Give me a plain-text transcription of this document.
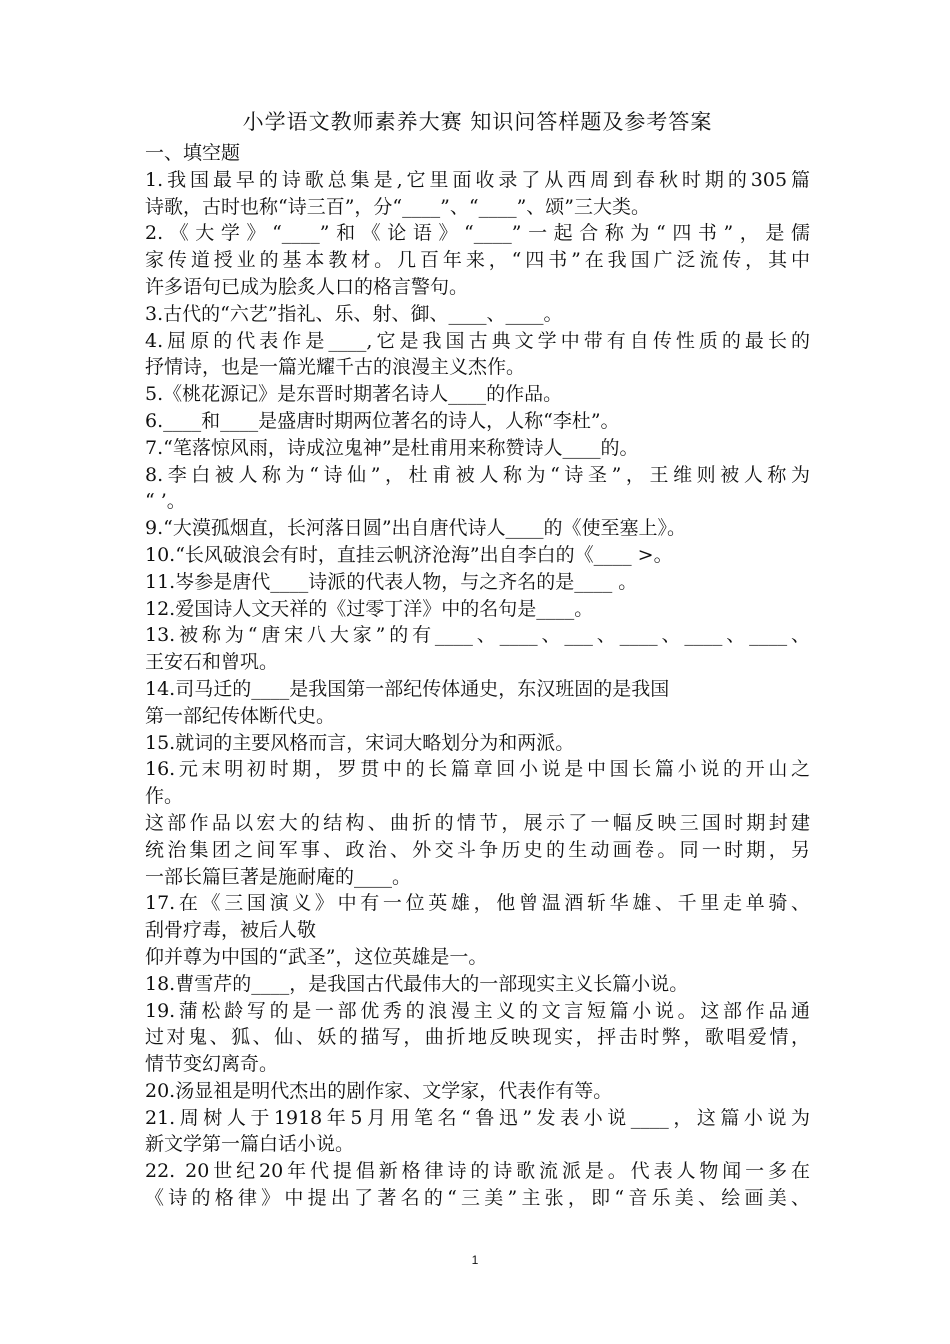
小学语文教师素养大赛 知识问答样题及参考答案
一、填空题
1.我国最早的诗歌总集是,它里面收录了从西周到春秋时期的305篇
诗歌，古时也称“诗三百”，分“____”、“____”、颂”三大类。
2.《大学》“____”和《论语》“____”一起合称为“四书”，是儒
家传道授业的基本教材。几百年来，“四书”在我国广泛流传，其中
许多语句已成为脍炙人口的格言警句。
3.古代的“六艺”指礼、乐、射、御、____、____。
4.屈原的代表作是____,它是我国古典文学中带有自传性质的最长的
抒情诗，也是一篇光耀千古的浪漫主义杰作。
5.《桃花源记》是东晋时期著名诗人____的作品。
6.____和____是盛唐时期两位著名的诗人，人称“李杜”。
7.“笔落惊风雨，诗成泣鬼神”是杜甫用来称赞诗人____的。
8.李白被人称为“诗仙”，杜甫被人称为“诗圣”，王维则被人称为
“ ’。
9.“大漠孤烟直，长河落日圆”出自唐代诗人____的《使至塞上》。
10.“长风破浪会有时，直挂云帆济沧海”出自李白的《____ >。
11.岑参是唐代____诗派的代表人物，与之齐名的是____ 。
12.爱国诗人文天祥的《过零丁洋》中的名句是____。
13.被称为“唐宋八大家”的有____、____、___、____、____、____、
王安石和曾巩。
14.司马迁的____是我国第一部纪传体通史，东汉班固的是我国
第一部纪传体断代史。
15.就词的主要风格而言，宋词大略划分为和两派。
16.元末明初时期，罗贯中的长篇章回小说是中国长篇小说的开山之
作。
这部作品以宏大的结构、曲折的情节，展示了一幅反映三国时期封建
统治集团之间军事、政治、外交斗争历史的生动画卷。同一时期，另
一部长篇巨著是施耐庵的____。
17.在《三国演义》中有一位英雄，他曾温酒斩华雄、千里走单骑、
刮骨疗毒，被后人敬
仰并尊为中国的“武圣”，这位英雄是一。
18.曹雪芹的____，是我国古代最伟大的一部现实主义长篇小说。
19.蒲松龄写的是一部优秀的浪漫主义的文言短篇小说。这部作品通
过对鬼、狐、仙、妖的描写，曲折地反映现实，抨击时弊，歌唱爱情，
情节变幻离奇。
20.汤显祖是明代杰出的剧作家、文学家，代表作有等。
21.周树人于1918年5月用笔名“鲁迅”发表小说____，这篇小说为
新文学第一篇白话小说。
22. 20世纪20年代提倡新格律诗的诗歌流派是。代表人物闻一多在
《诗的格律》中提出了著名的“三美”主张，即“音乐美、绘画美、
1
